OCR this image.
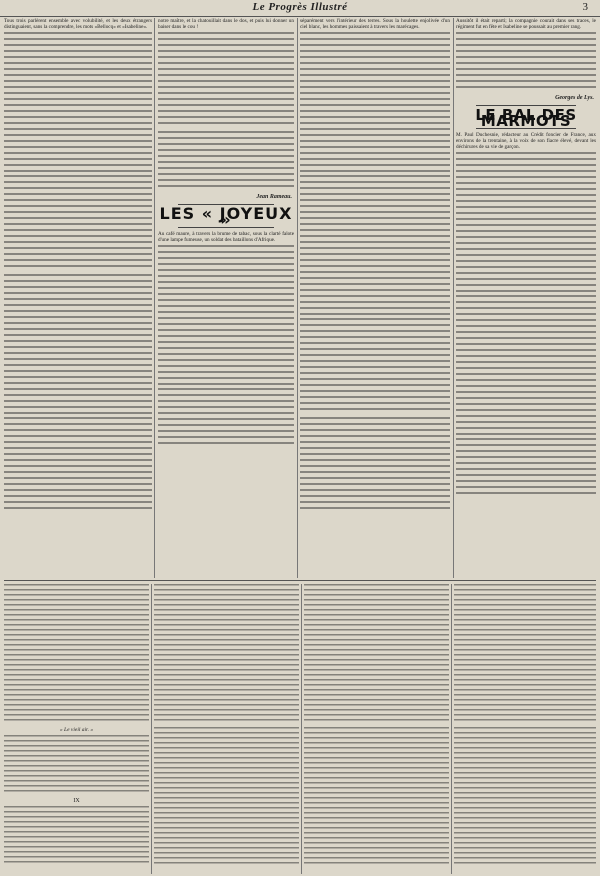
Le Progrès Illustré	3

Tous trois parlèrent ensemble avec volubilité, et les deux étrangers distinguaient, sans la comprendre, les mots «Bellocq» et «Isabeline».

notre maître, et la chatouillait dans le dos, et puis lui donner un baiser dans le cou !

Jean Rameau.
LES « JOYEUX »

Au café maure, à travers la brume de tabac, sous la clarté falote d'une lampe fumeuse, un soldat des bataillons d'Afrique.

séparément vers l'intérieur des terres. Sous la houlette enjolivée d'un ciel blanc, les hommes paissaient à travers les marécages.

Aussitôt il était reparti; la compagnie courait dans ses traces, le régiment fut en fête et Isabeline se poussait au premier rang.

Georges de Lys.
LE BAL DES MARMOTS

M. Paul Duchesnie, rédacteur au Crédit foncier de France, aux environs de la trentaine, à la voix de son fiacre élevé, devant les déchirures de sa vie de garçon.

« Le vieil air. »
IX
